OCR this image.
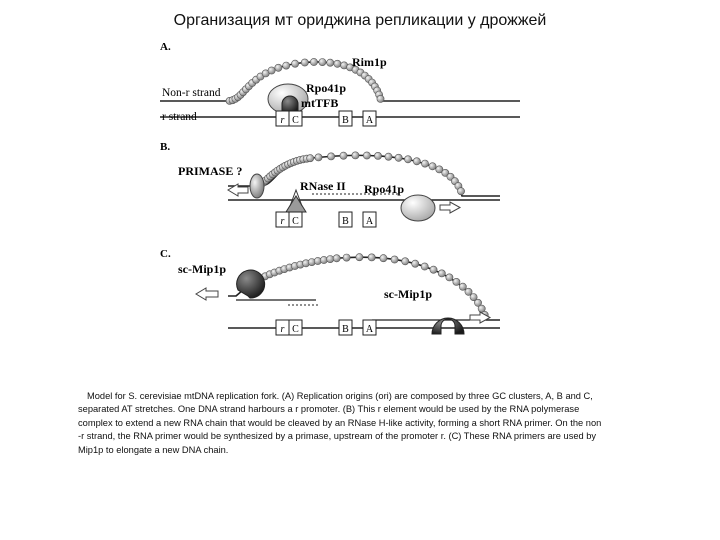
Организация мт ориджина репликации у дрожжей
A.
Non-r strand
r strand
Rim1p
Rpo41p
mtTFB
r C	B A
B.
PRIMASE ?
RNase II Rpo41p
r C	B A
C.
sc-Mip1p
sc-Mip1p
r C	B A

Model for S. cerevisiae mtDNA replication fork. (A) Replication origins (ori) are composed by three GC clusters, A, B and C,

separated AT stretches. One DNA strand harbours a r promoter. (B) This r element would be used by the RNA polymerase
complex to extend a new RNA chain that would be cleaved by an RNase H-like activity, forming a short RNA primer. On the non
-r strand, the RNA primer would be synthesized by a primase, upstream of the promoter r. (C) These RNA primers are used by
Mip1p to elongate a new DNA chain.
